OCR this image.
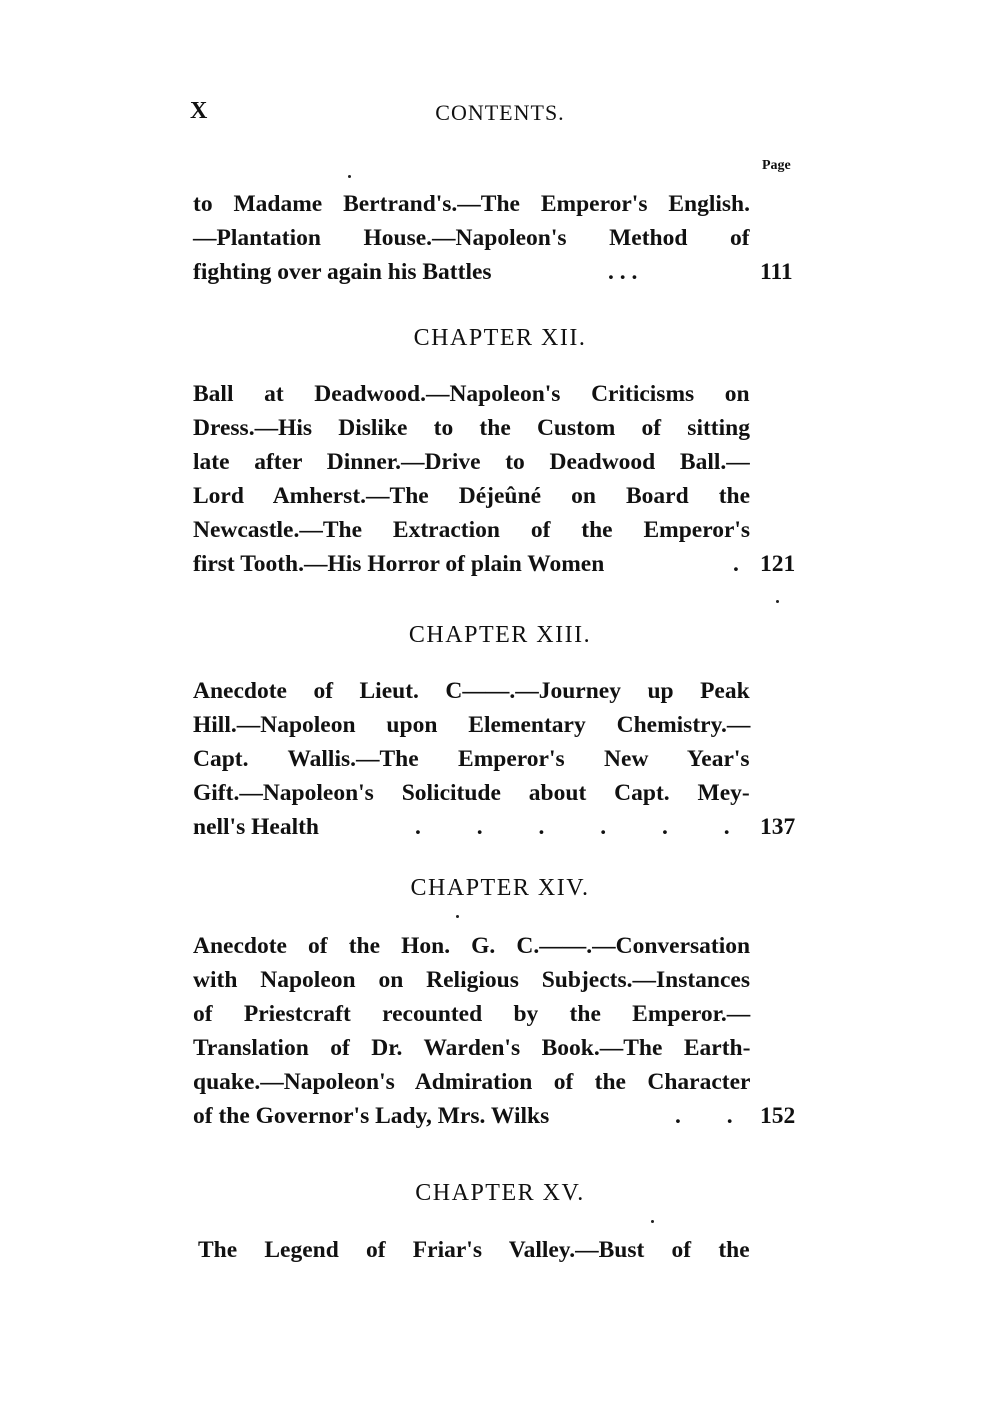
X	CONTENTS.
Page
to Madame Bertrand's.—The Emperor's English.
—Plantation House.—Napoleon's Method of
fighting over again his Battles	. . .	111
CHAPTER XII.
Ball at Deadwood.—Napoleon's Criticisms on
Dress.—His Dislike to the Custom of sitting
late after Dinner.—Drive to Deadwood Ball.—
Lord Amherst.—The Déjeûné on Board the
Newcastle.—The Extraction of the Emperor's
first Tooth.—His Horror of plain Women	. 121
CHAPTER XIII.
Anecdote of Lieut. C——.—Journey up Peak
Hill.—Napoleon upon Elementary Chemistry.—
Capt. Wallis.—The Emperor's New Year's
Gift.—Napoleon's Solicitude about Capt. Mey-
nell's Health	. . . . . . 137
CHAPTER XIV.
Anecdote of the Hon. G. C.——.—Conversation
with Napoleon on Religious Subjects.—Instances
of Priestcraft recounted by the Emperor.—
Translation of Dr. Warden's Book.—The Earth-
quake.—Napoleon's Admiration of the Character
of the Governor's Lady, Mrs. Wilks	. . 152
CHAPTER XV.
The Legend of Friar's Valley.—Bust of the
